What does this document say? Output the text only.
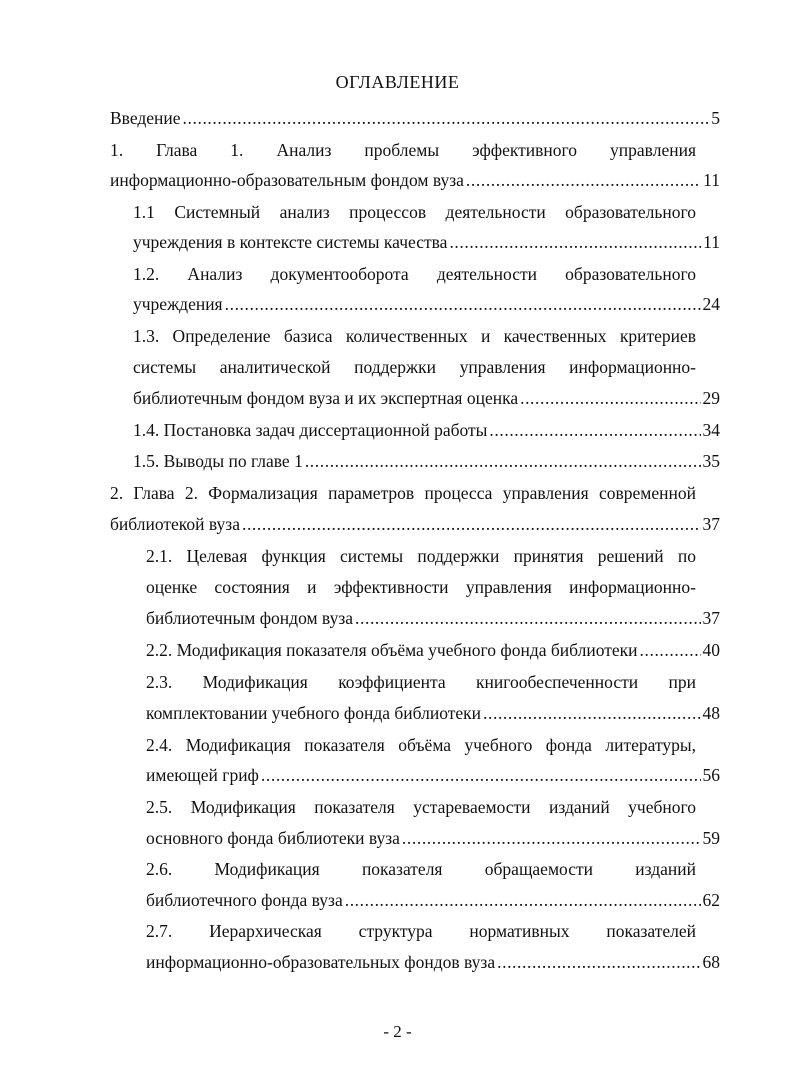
ОГЛАВЛЕНИЕ
Введение .....	5
1. Глава 1. Анализ проблемы эффективного управления
информационно-образовательным фондом вуза .....	11
1.1 Системный анализ процессов деятельности образовательного
учреждения в контексте системы качества .....	11
1.2. Анализ документооборота деятельности образовательного
учреждения .....	24
1.3. Определение базиса количественных и качественных критериев
системы аналитической поддержки управления информационно-
библиотечным фондом вуза и их экспертная оценка .....	29
1.4. Постановка задач диссертационной работы .....	34
1.5. Выводы по главе 1 .....	35
2. Глава 2. Формализация параметров процесса управления современной
библиотекой вуза .....	37
2.1. Целевая функция системы поддержки принятия решений по
оценке состояния и эффективности управления информационно-
библиотечным фондом вуза .....	37
2.2. Модификация показателя объёма учебного фонда библиотеки .....	40
2.3. Модификация коэффициента книгообеспеченности при
комплектовании учебного фонда библиотеки .....	48
2.4. Модификация показателя объёма учебного фонда литературы,
имеющей гриф .....	56
2.5. Модификация показателя устареваемости изданий учебного
основного фонда библиотеки вуза .....	59
2.6. Модификация показателя обращаемости изданий
библиотечного фонда вуза .....	62
2.7. Иерархическая структура нормативных показателей
информационно-образовательных фондов вуза .....	68
- 2 -
